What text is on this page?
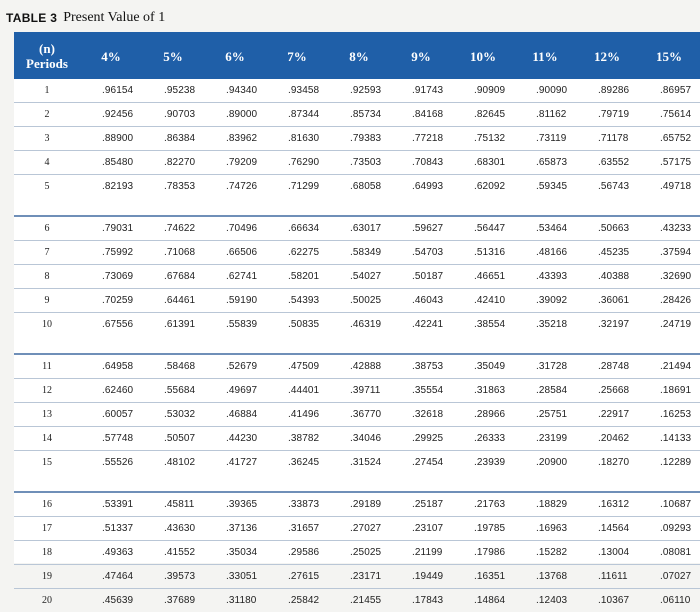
TABLE 3 Present Value of 1
(n)
Periods	4%	5%	6%	7%	8%	9%	10%	11%	12%	15%
1	.96154	.95238	.94340	.93458	.92593	.91743	.90909	.90090	.89286	.86957
2	.92456	.90703	.89000	.87344	.85734	.84168	.82645	.81162	.79719	.75614
3	.88900	.86384	.83962	.81630	.79383	.77218	.75132	.73119	.71178	.65752
4	.85480	.82270	.79209	.76290	.73503	.70843	.68301	.65873	.63552	.57175
5	.82193	.78353	.74726	.71299	.68058	.64993	.62092	.59345	.56743	.49718

6	.79031	.74622	.70496	.66634	.63017	.59627	.56447	.53464	.50663	.43233
7	.75992	.71068	.66506	.62275	.58349	.54703	.51316	.48166	.45235	.37594
8	.73069	.67684	.62741	.58201	.54027	.50187	.46651	.43393	.40388	.32690
9	.70259	.64461	.59190	.54393	.50025	.46043	.42410	.39092	.36061	.28426
10	.67556	.61391	.55839	.50835	.46319	.42241	.38554	.35218	.32197	.24719

11	.64958	.58468	.52679	.47509	.42888	.38753	.35049	.31728	.28748	.21494
12	.62460	.55684	.49697	.44401	.39711	.35554	.31863	.28584	.25668	.18691
13	.60057	.53032	.46884	.41496	.36770	.32618	.28966	.25751	.22917	.16253
14	.57748	.50507	.44230	.38782	.34046	.29925	.26333	.23199	.20462	.14133
15	.55526	.48102	.41727	.36245	.31524	.27454	.23939	.20900	.18270	.12289

16	.53391	.45811	.39365	.33873	.29189	.25187	.21763	.18829	.16312	.10687
17	.51337	.43630	.37136	.31657	.27027	.23107	.19785	.16963	.14564	.09293
18	.49363	.41552	.35034	.29586	.25025	.21199	.17986	.15282	.13004	.08081
19	.47464	.39573	.33051	.27615	.23171	.19449	.16351	.13768	.11611	.07027
20	.45639	.37689	.31180	.25842	.21455	.17843	.14864	.12403	.10367	.06110
